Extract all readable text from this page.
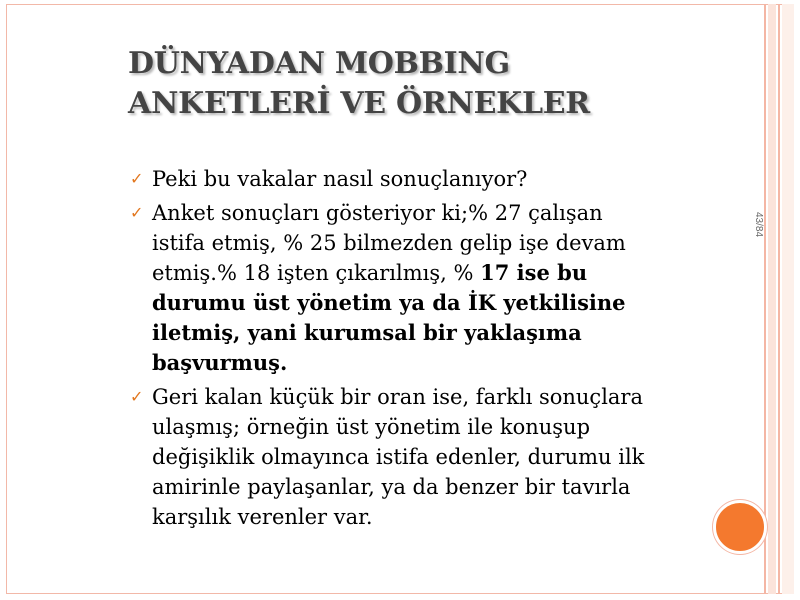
DÜNYADAN MOBBING
ANKETLERİ VE ÖRNEKLER
✓ Peki bu vakalar nasıl sonuçlanıyor?
✓ Anket sonuçları gösteriyor ki;% 27 çalışan
istifa etmiş, % 25 bilmezden gelip işe devam
etmiş.% 18 işten çıkarılmış, % 17 ise bu
durumu üst yönetim ya da İK yetkilisine
iletmiş, yani kurumsal bir yaklaşıma
başvurmuş.
✓ Geri kalan küçük bir oran ise, farklı sonuçlara
ulaşmış; örneğin üst yönetim ile konuşup
değişiklik olmayınca istifa edenler, durumu ilk
amirinle paylaşanlar, ya da benzer bir tavırla
karşılık verenler var.
43/84
